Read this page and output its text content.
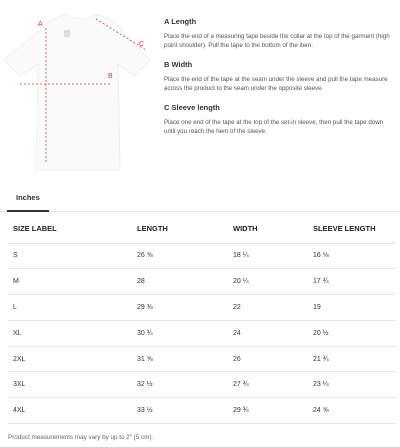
A
B
C
A Length
Place the end of a measuring tape beside the collar at the top of the garment (high point shoulder). Pull the tape to the bottom of the item.
B Width
Place the end of the tape at the seam under the sleeve and pull the tape measure across the product to the seam under the opposite sleeve.
C Sleeve length
Place one end of the tape at the top of the set-in sleeve, then pull the tape down until you reach the hem of the sleeve.
Inches
SIZE LABEL	LENGTH	WIDTH	SLEEVE LENGTH
S	26 ⅝	18 ¼	16 ⅛
M	28	20 ¼	17 ¾
L	29 ⅜	22	19
XL	30 ¾	24	20 ½
2XL	31 ⅝	26	21 ¾
3XL	32 ½	27 ¾	23 ¼
4XL	33 ½	29 ¾	24 ⅝
Product measurements may vary by up to 2" (5 cm).
